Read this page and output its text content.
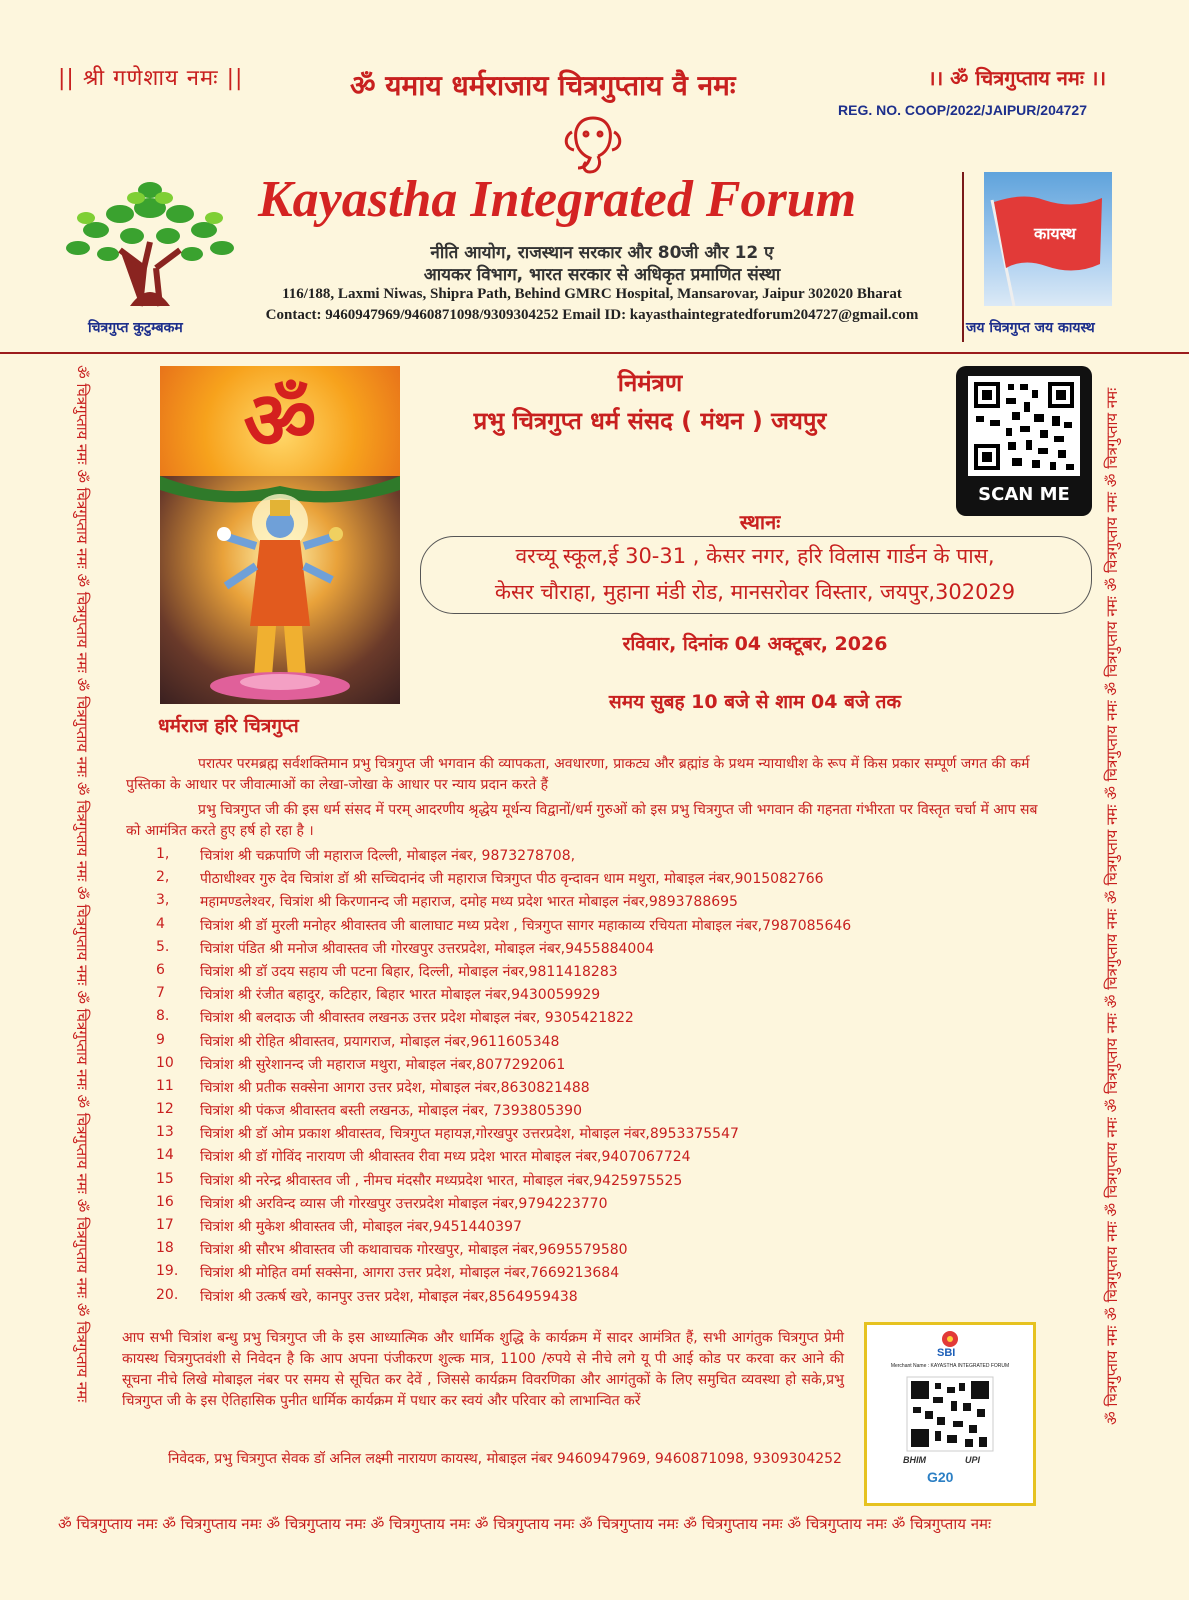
|| श्री गणेशाय नमः ||	ॐ यमाय धर्मराजाय चित्रगुप्ताय वै नमः	।। ॐ चित्रगुप्ताय नमः ।।
REG. NO. COOP/2022/JAIPUR/204727
चित्रगुप्त कुटुम्बकम
Kayastha Integrated Forum
नीति आयोग, राजस्थान सरकार और 80जी और 12 ए
आयकर विभाग, भारत सरकार से अधिकृत प्रमाणित संस्था
116/188, Laxmi Niwas, Shipra Path, Behind GMRC Hospital, Mansarovar, Jaipur 302020 Bharat
Contact: 9460947969/9460871098/9309304252 Email ID: kayasthaintegratedforum204727@gmail.com
कायस्थ
जय चित्रगुप्त जय कायस्थ
ॐ चित्रगुप्ताय नमः ॐ चित्रगुप्ताय नमः ॐ चित्रगुप्ताय नमः ॐ चित्रगुप्ताय नमः ॐ चित्रगुप्ताय नमः ॐ चित्रगुप्ताय नमः ॐ चित्रगुप्ताय नमः ॐ चित्रगुप्ताय नमः ॐ चित्रगुप्ताय नमः ॐ चित्रगुप्ताय नमः	ॐ चित्रगुप्ताय नमः ॐ चित्रगुप्ताय नमः ॐ चित्रगुप्ताय नमः ॐ चित्रगुप्ताय नमः ॐ चित्रगुप्ताय नमः ॐ चित्रगुप्ताय नमः ॐ चित्रगुप्ताय नमः ॐ चित्रगुप्ताय नमः ॐ चित्रगुप्ताय नमः ॐ चित्रगुप्ताय नमः
ॐ
धर्मराज हरि चित्रगुप्त
निमंत्रण
प्रभु चित्रगुप्त धर्म संसद ( मंथन ) जयपुर
SCAN ME
स्थानः
वरच्यू स्कूल,ई 30-31 , केसर नगर, हरि विलास गार्डन के पास,
केसर चौराहा, मुहाना मंडी रोड, मानसरोवर विस्तार, जयपुर,302029
रविवार, दिनांक 04 अक्टूबर, 2026
समय सुबह 10 बजे से शाम 04 बजे तक
परात्पर परमब्रह्म सर्वशक्तिमान प्रभु चित्रगुप्त जी भगवान की व्यापकता, अवधारणा, प्राकट्य और ब्रह्मांड के प्रथम न्यायाधीश के रूप में किस प्रकार सम्पूर्ण जगत की कर्म पुस्तिका के आधार पर जीवात्माओं का लेखा-जोखा के आधार पर न्याय प्रदान करते हैं
प्रभु चित्रगुप्त जी की इस धर्म संसद में परम् आदरणीय श्रृद्धेय मूर्धन्य विद्वानों/धर्म गुरुओं को इस प्रभु चित्रगुप्त जी भगवान की गहनता गंभीरता पर विस्तृत चर्चा में आप सब को आमंत्रित करते हुए हर्ष हो रहा है ।
1,	चित्रांश श्री चक्रपाणि जी महाराज दिल्ली, मोबाइल नंबर, 9873278708,
2,	पीठाधीश्वर गुरु देव चित्रांश डॉ श्री सच्चिदानंद जी महाराज चित्रगुप्त पीठ वृन्दावन धाम मथुरा, मोबाइल नंबर,9015082766
3,	महामण्डलेश्वर, चित्रांश श्री किरणानन्द जी महाराज, दमोह मध्य प्रदेश भारत मोबाइल नंबर,9893788695
4	चित्रांश श्री डॉ मुरली मनोहर श्रीवास्तव जी बालाघाट मध्य प्रदेश , चित्रगुप्त सागर महाकाव्य रचियता मोबाइल नंबर,7987085646
5.	चित्रांश पंडित श्री मनोज श्रीवास्तव जी गोरखपुर उत्तरप्रदेश, मोबाइल नंबर,9455884004
6	चित्रांश श्री डॉ उदय सहाय जी पटना बिहार, दिल्ली, मोबाइल नंबर,9811418283
7	चित्रांश श्री रंजीत बहादुर, कटिहार, बिहार भारत मोबाइल नंबर,9430059929
8.	चित्रांश श्री बलदाऊ जी श्रीवास्तव लखनऊ उत्तर प्रदेश मोबाइल नंबर, 9305421822
9	चित्रांश श्री रोहित श्रीवास्तव, प्रयागराज, मोबाइल नंबर,9611605348
10	चित्रांश श्री सुरेशानन्द जी महाराज मथुरा, मोबाइल नंबर,8077292061
11	चित्रांश श्री प्रतीक सक्सेना आगरा उत्तर प्रदेश, मोबाइल नंबर,8630821488
12	चित्रांश श्री पंकज श्रीवास्तव बस्ती लखनऊ, मोबाइल नंबर, 7393805390
13	चित्रांश श्री डॉ ओम प्रकाश श्रीवास्तव, चित्रगुप्त महायज्ञ,गोरखपुर उत्तरप्रदेश, मोबाइल नंबर,8953375547
14	चित्रांश श्री डॉ गोविंद नारायण जी श्रीवास्तव रीवा मध्य प्रदेश भारत मोबाइल नंबर,9407067724
15	चित्रांश श्री नरेन्द्र श्रीवास्तव जी , नीमच मंदसौर मध्यप्रदेश भारत, मोबाइल नंबर,9425975525
16	चित्रांश श्री अरविन्द व्यास जी गोरखपुर उत्तरप्रदेश मोबाइल नंबर,9794223770
17	चित्रांश श्री मुकेश श्रीवास्तव जी, मोबाइल नंबर,9451440397
18	चित्रांश श्री सौरभ श्रीवास्तव जी कथावाचक गोरखपुर, मोबाइल नंबर,9695579580
19.	चित्रांश श्री मोहित वर्मा सक्सेना, आगरा उत्तर प्रदेश, मोबाइल नंबर,7669213684
20.	चित्रांश श्री उत्कर्ष खरे, कानपुर उत्तर प्रदेश, मोबाइल नंबर,8564959438
आप सभी चित्रांश बन्धु प्रभु चित्रगुप्त जी के इस आध्यात्मिक और धार्मिक शुद्धि के कार्यक्रम में सादर आमंत्रित हैं, सभी आगंतुक चित्रगुप्त प्रेमी कायस्थ चित्रगुप्तवंशी से निवेदन है कि आप अपना पंजीकरण शुल्क मात्र, 1100 /रुपये से नीचे लगे यू पी आई कोड पर करवा कर आने की सूचना नीचे लिखे मोबाइल नंबर पर समय से सूचित कर देवें , जिससे कार्यक्रम विवरणिका और आगंतुकों के लिए समुचित व्यवस्था हो सके,प्रभु चित्रगुप्त जी के इस ऐतिहासिक पुनीत धार्मिक कार्यक्रम में पधार कर स्वयं और परिवार को लाभान्वित करें
निवेदक, प्रभु चित्रगुप्त सेवक डॉ अनिल लक्ष्मी नारायण कायस्थ, मोबाइल नंबर 9460947969, 9460871098, 9309304252
SBI
Merchant Name : KAYASTHA INTEGRATED FORUM
BHIM	UPI
G20
ॐ चित्रगुप्ताय नमः ॐ चित्रगुप्ताय नमः ॐ चित्रगुप्ताय नमः ॐ चित्रगुप्ताय नमः ॐ चित्रगुप्ताय नमः ॐ चित्रगुप्ताय नमः ॐ चित्रगुप्ताय नमः ॐ चित्रगुप्ताय नमः ॐ चित्रगुप्ताय नमः
